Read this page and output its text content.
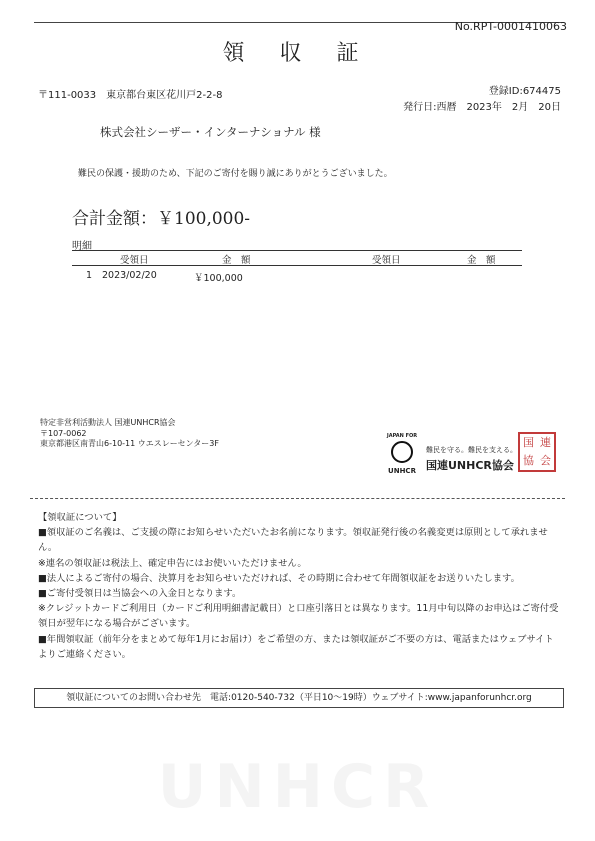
No.RPT-0001410063
領 収 証
〒111-0033　東京都台東区花川戸2-2-8	登録ID:674475
発行日:西暦　2023年　2月　20日
株式会社シーザー・インターナショナル 様
難民の保護・援助のため、下記のご寄付を賜り誠にありがとうございました。
合計金額：￥100,000-
明細
受領日	金　額	受領日	金　額
1 2023/02/20	￥100,000
特定非営利活動法人 国連UNHCR協会
〒107-0062
東京都港区南青山6-10-11 ウエスレーセンター3F
JAPAN FOR
UNHCR
難民を守る。難民を支える。
国連UNHCR協会
国 連
協 会

【領収証について】

■領収証のご名義は、ご支援の際にお知らせいただいたお名前になります。領収証発行後の名義変更は原則として承れません。

※連名の領収証は税法上、確定申告にはお使いいただけません。

■法人によるご寄付の場合、決算月をお知らせいただければ、その時期に合わせて年間領収証をお送りいたします。

■ご寄付受領日は当協会への入金日となります。

※クレジットカードご利用日（カードご利用明細書記載日）と口座引落日とは異なります。11月中旬以降のお申込はご寄付受領日が翌年になる場合がございます。

■年間領収証（前年分をまとめて毎年1月にお届け）をご希望の方、または領収証がご不要の方は、電話またはウェブサイトよりご連絡ください。

領収証についてのお問い合わせ先　電話:0120-540-732（平日10～19時）ウェブサイト:www.japanforunhcr.org
UNHCR
